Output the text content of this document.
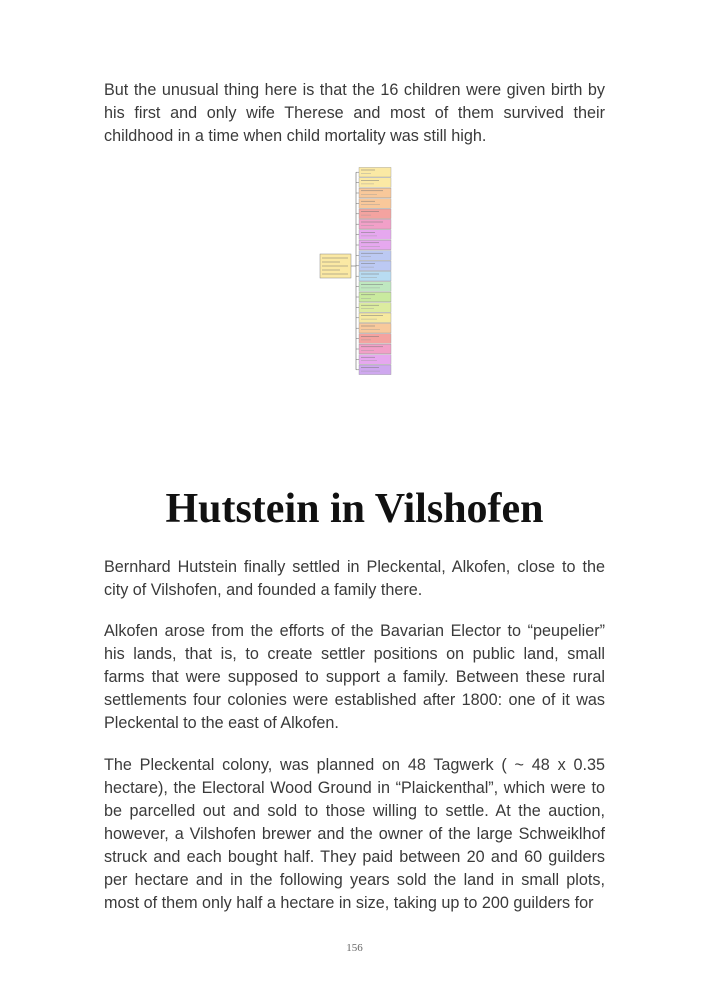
But the unusual thing here is that the 16 children were given birth by his first and only wife Therese and most of them survived their childhood in a time when child mortality was still high.

Hutstein in Vilshofen

Bernhard Hutstein finally settled in Pleckental, Alkofen, close to the city of Vilshofen, and founded a family there.

Alkofen arose from the efforts of the Bavarian Elector to “peupelier” his lands, that is, to create settler positions on public land, small farms that were supposed to support a family. Between these rural settlements four colonies were established after 1800: one of it was Pleckental to the east of Alkofen.

The Pleckental colony, was planned on 48 Tagwerk ( ~ 48 x 0.35 hectare), the Electoral Wood Ground in “Plaickenthal”, which were to be parcelled out and sold to those willing to settle. At the auction, however, a Vilshofen brewer and the owner of the large Schweiklhof struck and each bought half. They paid between 20 and 60 guilders per hectare and in the following years sold the land in small plots, most of them only half a hectare in size, taking up to 200 guilders for

156
